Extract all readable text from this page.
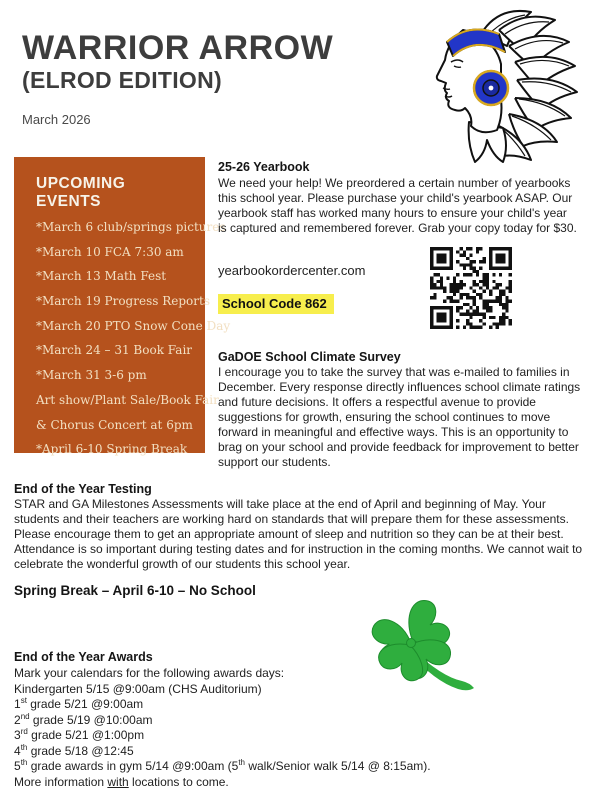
WARRIOR ARROW
(ELROD EDITION)
March 2026
UPCOMING EVENTS
*March 6 club/springs pictures
*March 10 FCA 7:30 am
*March 13 Math Fest
*March 19 Progress Reports
*March 20 PTO Snow Cone Day
*March 24 – 31 Book Fair
*March 31 3-6 pm
Art show/Plant Sale/Book Fair
& Chorus Concert at 6pm
*April 6-10 Spring Break
25-26 Yearbook
We need your help! We preordered a certain number of yearbooks this school year. Please purchase your child's yearbook ASAP. Our yearbook staff has worked many hours to ensure your child's year is captured and remembered forever. Grab your copy today for $30.
yearbookordercenter.com
School Code 862
GaDOE School Climate Survey
I encourage you to take the survey that was e-mailed to families in December. Every response directly influences school climate ratings and future decisions. It offers a respectful avenue to provide suggestions for growth, ensuring the school continues to move forward in meaningful and effective ways. This is an opportunity to brag on your school and provide feedback for improvement to better support our students.
End of the Year Testing
STAR and GA Milestones Assessments will take place at the end of April and beginning of May. Your students and their teachers are working hard on standards that will prepare them for these assessments. Please encourage them to get an appropriate amount of sleep and nutrition so they can be at their best. Attendance is so important during testing dates and for instruction in the coming months. We cannot wait to celebrate the wonderful growth of our students this school year.
Spring Break – April 6-10 – No School
End of the Year Awards
Mark your calendars for the following awards days:
Kindergarten 5/15 @9:00am (CHS Auditorium)
1st grade 5/21 @9:00am
2nd grade 5/19 @10:00am
3rd grade 5/21 @1:00pm
4th grade 5/18 @12:45
5th grade awards in gym 5/14 @9:00am (5th walk/Senior walk 5/14 @ 8:15am).
More information with locations to come.
